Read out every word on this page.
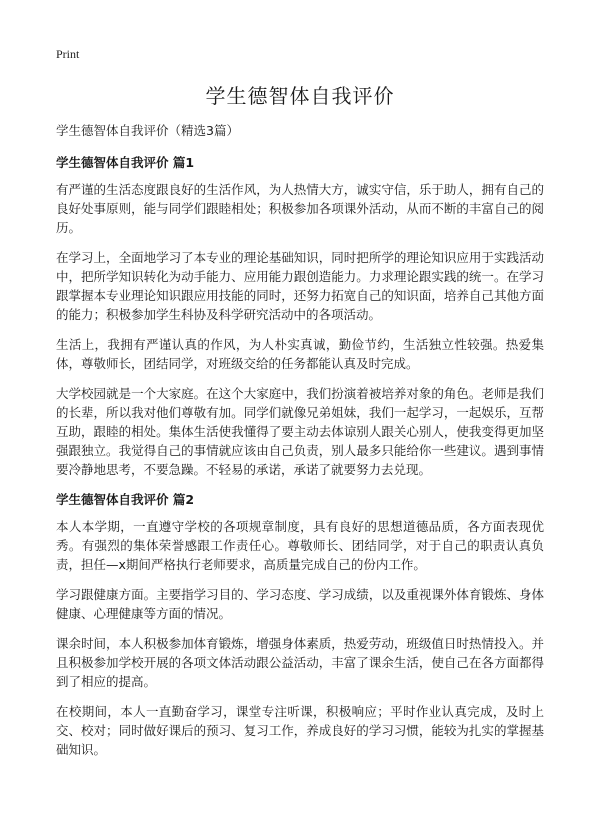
Print
学生德智体自我评价
学生德智体自我评价（精选3篇）
学生德智体自我评价 篇1

有严谨的生活态度跟良好的生活作风，为人热情大方，诚实守信，乐于助人，拥有自己的良好处事原则，能与同学们跟睦相处；积极参加各项课外活动，从而不断的丰富自己的阅历。

在学习上，全面地学习了本专业的理论基础知识，同时把所学的理论知识应用于实践活动中，把所学知识转化为动手能力、应用能力跟创造能力。力求理论跟实践的统一。在学习跟掌握本专业理论知识跟应用技能的同时，还努力拓宽自己的知识面，培养自己其他方面的能力；积极参加学生科协及科学研究活动中的各项活动。

生活上，我拥有严谨认真的作风，为人朴实真诚，勤俭节约，生活独立性较强。热爱集体，尊敬师长，团结同学，对班级交给的任务都能认真及时完成。

大学校园就是一个大家庭。在这个大家庭中，我们扮演着被培养对象的角色。老师是我们的长辈，所以我对他们尊敬有加。同学们就像兄弟姐妹，我们一起学习，一起娱乐，互帮互助，跟睦的相处。集体生活使我懂得了要主动去体谅别人跟关心别人，使我变得更加坚强跟独立。我觉得自己的事情就应该由自己负责，别人最多只能给你一些建议。遇到事情要冷静地思考，不要急躁。不轻易的承诺，承诺了就要努力去兑现。

学生德智体自我评价 篇2

本人本学期，一直遵守学校的各项规章制度，具有良好的思想道德品质，各方面表现优秀。有强烈的集体荣誉感跟工作责任心。尊敬师长、团结同学，对于自己的职责认真负责，担任—x期间严格执行老师要求，高质量完成自己的份内工作。

学习跟健康方面。主要指学习目的、学习态度、学习成绩，以及重视课外体育锻炼、身体健康、心理健康等方面的情况。

课余时间，本人积极参加体育锻炼，增强身体素质，热爱劳动，班级值日时热情投入。并且积极参加学校开展的各项文体活动跟公益活动，丰富了课余生活，使自己在各方面都得到了相应的提高。

在校期间，本人一直勤奋学习，课堂专注听课，积极响应；平时作业认真完成，及时上交、校对；同时做好课后的预习、复习工作，养成良好的学习习惯，能较为扎实的掌握基础知识。
